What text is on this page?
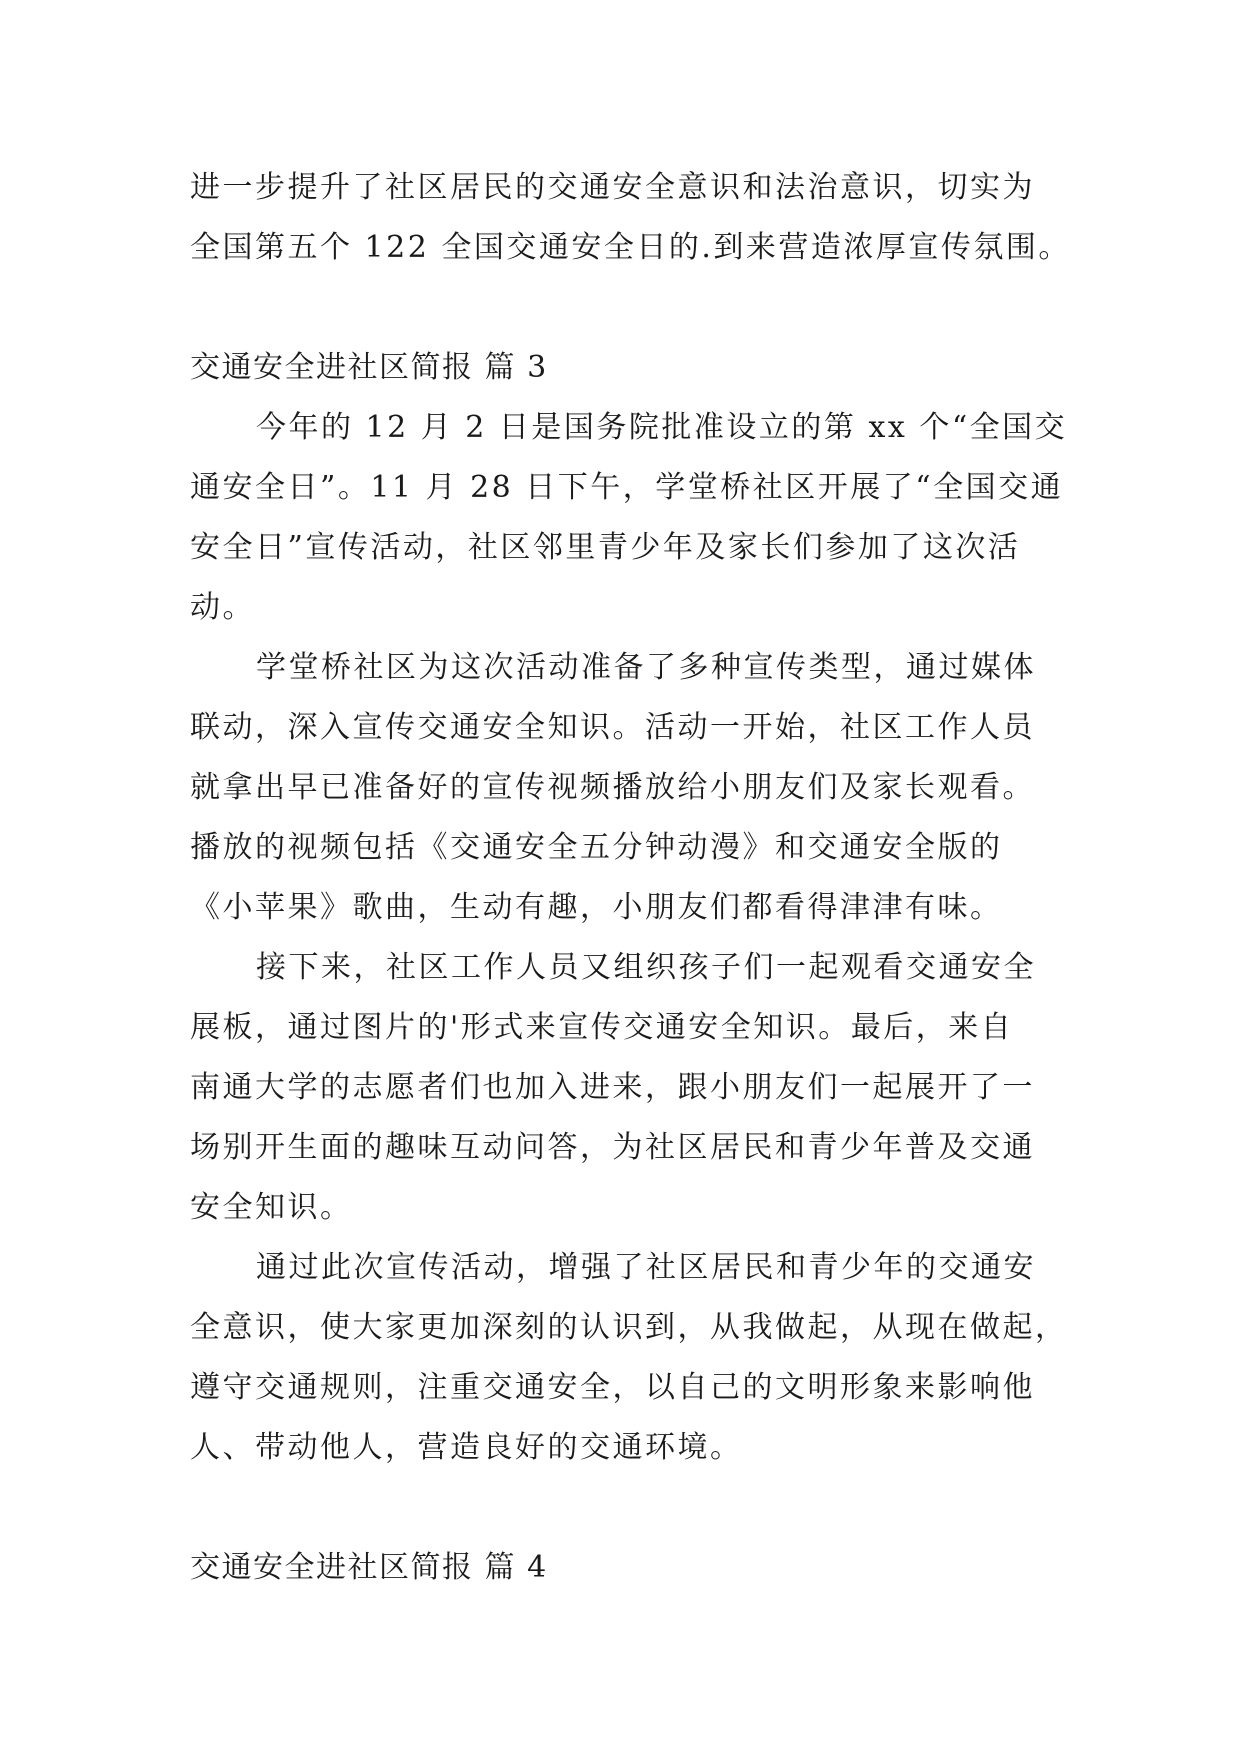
进一步提升了社区居民的交通安全意识和法治意识，切实为
全国第五个 122 全国交通安全日的.到来营造浓厚宣传氛围。
交通安全进社区简报 篇 3
今年的 12 月 2 日是国务院批准设立的第 xx 个“全国交
通安全日”。11 月 28 日下午，学堂桥社区开展了“全国交通
安全日”宣传活动，社区邻里青少年及家长们参加了这次活
动。
学堂桥社区为这次活动准备了多种宣传类型，通过媒体
联动，深入宣传交通安全知识。活动一开始，社区工作人员
就拿出早已准备好的宣传视频播放给小朋友们及家长观看。
播放的视频包括《交通安全五分钟动漫》和交通安全版的
《小苹果》歌曲，生动有趣，小朋友们都看得津津有味。
接下来，社区工作人员又组织孩子们一起观看交通安全
展板，通过图片的'形式来宣传交通安全知识。最后，来自
南通大学的志愿者们也加入进来，跟小朋友们一起展开了一
场别开生面的趣味互动问答，为社区居民和青少年普及交通
安全知识。
通过此次宣传活动，增强了社区居民和青少年的交通安
全意识，使大家更加深刻的认识到，从我做起，从现在做起，
遵守交通规则，注重交通安全，以自己的文明形象来影响他
人、带动他人，营造良好的交通环境。
交通安全进社区简报 篇 4
